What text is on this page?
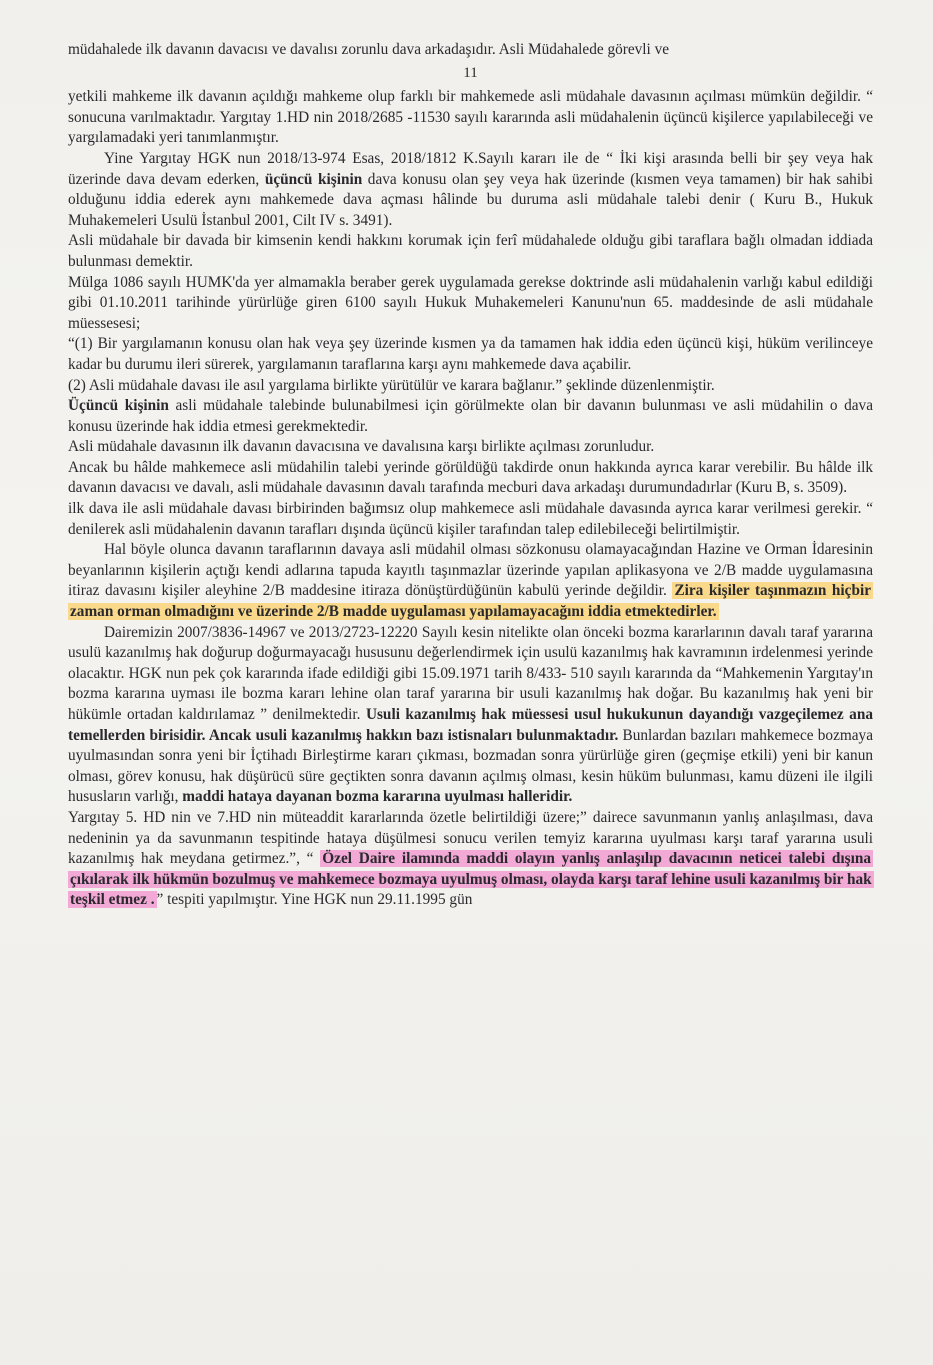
müdahalede ilk davanın davacısı ve davalısı zorunlu dava arkadaşıdır. Asli Müdahalede görevli ve

11

yetkili mahkeme ilk davanın açıldığı mahkeme olup farklı bir mahkemede asli müdahale davasının açılması mümkün değildir. “ sonucuna varılmaktadır. Yargıtay 1.HD nin 2018/2685 -11530 sayılı kararında asli müdahalenin üçüncü kişilerce yapılabileceği ve yargılamadaki yeri tanımlanmıştır.

Yine Yargıtay HGK nun 2018/13-974 Esas, 2018/1812 K.Sayılı kararı ile de “ İki kişi arasında belli bir şey veya hak üzerinde dava devam ederken, üçüncü kişinin dava konusu olan şey veya hak üzerinde (kısmen veya tamamen) bir hak sahibi olduğunu iddia ederek aynı mahkemede dava açması hâlinde bu duruma asli müdahale talebi denir ( Kuru B., Hukuk Muhakemeleri Usulü İstanbul 2001, Cilt IV s. 3491).

Asli müdahale bir davada bir kimsenin kendi hakkını korumak için ferî müdahalede olduğu gibi taraflara bağlı olmadan iddiada bulunması demektir.

Mülga 1086 sayılı HUMK'da yer almamakla beraber gerek uygulamada gerekse doktrinde asli müdahalenin varlığı kabul edildiği gibi 01.10.2011 tarihinde yürürlüğe giren 6100 sayılı Hukuk Muhakemeleri Kanunu'nun 65. maddesinde de asli müdahale müessesesi;

“(1) Bir yargılamanın konusu olan hak veya şey üzerinde kısmen ya da tamamen hak iddia eden üçüncü kişi, hüküm verilinceye kadar bu durumu ileri sürerek, yargılamanın taraflarına karşı aynı mahkemede dava açabilir.

(2) Asli müdahale davası ile asıl yargılama birlikte yürütülür ve karara bağlanır.” şeklinde düzenlenmiştir.

Üçüncü kişinin asli müdahale talebinde bulunabilmesi için görülmekte olan bir davanın bulunması ve asli müdahilin o dava konusu üzerinde hak iddia etmesi gerekmektedir.

Asli müdahale davasının ilk davanın davacısına ve davalısına karşı birlikte açılması zorunludur.

Ancak bu hâlde mahkemece asli müdahilin talebi yerinde görüldüğü takdirde onun hakkında ayrıca karar verebilir. Bu hâlde ilk davanın davacısı ve davalı, asli müdahale davasının davalı tarafında mecburi dava arkadaşı durumundadırlar (Kuru B, s. 3509).

ilk dava ile asli müdahale davası birbirinden bağımsız olup mahkemece asli müdahale davasında ayrıca karar verilmesi gerekir. “ denilerek asli müdahalenin davanın tarafları dışında üçüncü kişiler tarafından talep edilebileceği belirtilmiştir.

Hal böyle olunca davanın taraflarının davaya asli müdahil olması sözkonusu olamayacağından Hazine ve Orman İdaresinin beyanlarının kişilerin açtığı kendi adlarına tapuda kayıtlı taşınmazlar üzerinde yapılan aplikasyona ve 2/B madde uygulamasına itiraz davasını kişiler aleyhine 2/B maddesine itiraza dönüştürdüğünün kabulü yerinde değildir. Zira kişiler taşınmazın hiçbir zaman orman olmadığını ve üzerinde 2/B madde uygulaması yapılamayacağını iddia etmektedirler.

Dairemizin 2007/3836-14967 ve 2013/2723-12220 Sayılı kesin nitelikte olan önceki bozma kararlarının davalı taraf yararına usulü kazanılmış hak doğurup doğurmayacağı hususunu değerlendirmek için usulü kazanılmış hak kavramının irdelenmesi yerinde olacaktır. HGK nun pek çok kararında ifade edildiği gibi 15.09.1971 tarih 8/433- 510 sayılı kararında da “Mahkemenin Yargıtay'ın bozma kararına uyması ile bozma kararı lehine olan taraf yararına bir usuli kazanılmış hak doğar. Bu kazanılmış hak yeni bir hükümle ortadan kaldırılamaz ” denilmektedir. Usuli kazanılmış hak müessesi usul hukukunun dayandığı vazgeçilemez ana temellerden birisidir. Ancak usuli kazanılmış hakkın bazı istisnaları bulunmaktadır. Bunlardan bazıları mahkemece bozmaya uyulmasından sonra yeni bir İçtihadı Birleştirme kararı çıkması, bozmadan sonra yürürlüğe giren (geçmişe etkili) yeni bir kanun olması, görev konusu, hak düşürücü süre geçtikten sonra davanın açılmış olması, kesin hüküm bulunması, kamu düzeni ile ilgili hususların varlığı, maddi hataya dayanan bozma kararına uyulması halleridir.

Yargıtay 5. HD nin ve 7.HD nin müteaddit kararlarında özetle belirtildiği üzere;” dairece savunmanın yanlış anlaşılması, dava nedeninin ya da savunmanın tespitinde hataya düşülmesi sonucu verilen temyiz kararına uyulması karşı taraf yararına usuli kazanılmış hak meydana getirmez.”, “ Özel Daire ilamında maddi olayın yanlış anlaşılıp davacının neticei talebi dışına çıkılarak ilk hükmün bozulmuş ve mahkemece bozmaya uyulmuş olması, olayda karşı taraf lehine usuli kazanılmış bir hak teşkil etmez . ” tespiti yapılmıştır. Yine HGK nun 29.11.1995 gün
